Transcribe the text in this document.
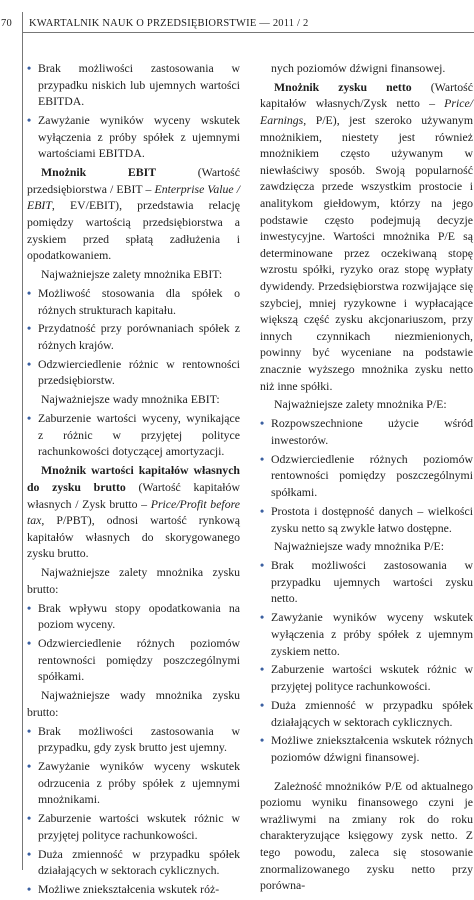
70 KWARTALNIK NAUK O PRZEDSIĘBIORSTWIE — 2011 / 2
• Brak możliwości zastosowania w przypadku niskich lub ujemnych wartości EBITDA.
• Zawyżanie wyników wyceny wskutek wyłączenia z próby spółek z ujemnymi wartościami EBITDA.
Mnożnik EBIT (Wartość przedsiębiorstwa / EBIT – Enterprise Value / EBIT, EV/EBIT), przedstawia relację pomiędzy wartością przedsiębiorstwa a zyskiem przed spłatą zadłużenia i opodatkowaniem.
Najważniejsze zalety mnożnika EBIT:
• Możliwość stosowania dla spółek o różnych strukturach kapitału.
• Przydatność przy porównaniach spółek z różnych krajów.
• Odzwierciedlenie różnic w rentowności przedsiębiorstw.
Najważniejsze wady mnożnika EBIT:
• Zaburzenie wartości wyceny, wynikające z różnic w przyjętej polityce rachunkowości dotyczącej amortyzacji.
Mnożnik wartości kapitałów własnych do zysku brutto (Wartość kapitałów własnych / Zysk brutto – Price/Profit before tax, P/PBT), odnosi wartość rynkową kapitałów własnych do skorygowanego zysku brutto.
Najważniejsze zalety mnożnika zysku brutto:
• Brak wpływu stopy opodatkowania na poziom wyceny.
• Odzwierciedlenie różnych poziomów rentowności pomiędzy poszczególnymi spółkami.
Najważniejsze wady mnożnika zysku brutto:
• Brak możliwości zastosowania w przypadku, gdy zysk brutto jest ujemny.
• Zawyżanie wyników wyceny wskutek odrzucenia z próby spółek z ujemnymi mnożnikami.
• Zaburzenie wartości wskutek różnic w przyjętej polityce rachunkowości.
• Duża zmienność w przypadku spółek działających w sektorach cyklicznych.
• Możliwe zniekształcenia wskutek róż-
nych poziomów dźwigni finansowej.
Mnożnik zysku netto (Wartość kapitałów własnych/Zysk netto – Price/ Earnings, P/E), jest szeroko używanym mnożnikiem, niestety jest również mnożnikiem często używanym w niewłaściwy sposób. Swoją popularność zawdzięcza przede wszystkim prostocie i analitykom giełdowym, którzy na jego podstawie często podejmują decyzje inwestycyjne. Wartości mnożnika P/E są determinowane przez oczekiwaną stopę wzrostu spółki, ryzyko oraz stopę wypłaty dywidendy. Przedsiębiorstwa rozwijające się szybciej, mniej ryzykowne i wypłacające większą część zysku akcjonariuszom, przy innych czynnikach niezmienionych, powinny być wyceniane na podstawie znacznie wyższego mnożnika zysku netto niż inne spółki.
Najważniejsze zalety mnożnika P/E:
• Rozpowszechnione użycie wśród inwestorów.
• Odzwierciedlenie różnych poziomów rentowności pomiędzy poszczególnymi spółkami.
• Prostota i dostępność danych – wielkości zysku netto są zwykle łatwo dostępne.
Najważniejsze wady mnożnika P/E:
• Brak możliwości zastosowania w przypadku ujemnych wartości zysku netto.
• Zawyżanie wyników wyceny wskutek wyłączenia z próby spółek z ujemnym zyskiem netto.
• Zaburzenie wartości wskutek różnic w przyjętej polityce rachunkowości.
• Duża zmienność w przypadku spółek działających w sektorach cyklicznych.
• Możliwe zniekształcenia wskutek różnych poziomów dźwigni finansowej.
Zależność mnożników P/E od aktualnego poziomu wyniku finansowego czyni je wrażliwymi na zmiany rok do roku charakteryzujące księgowy zysk netto. Z tego powodu, zaleca się stosowanie znormalizowanego zysku netto przy porówna-
